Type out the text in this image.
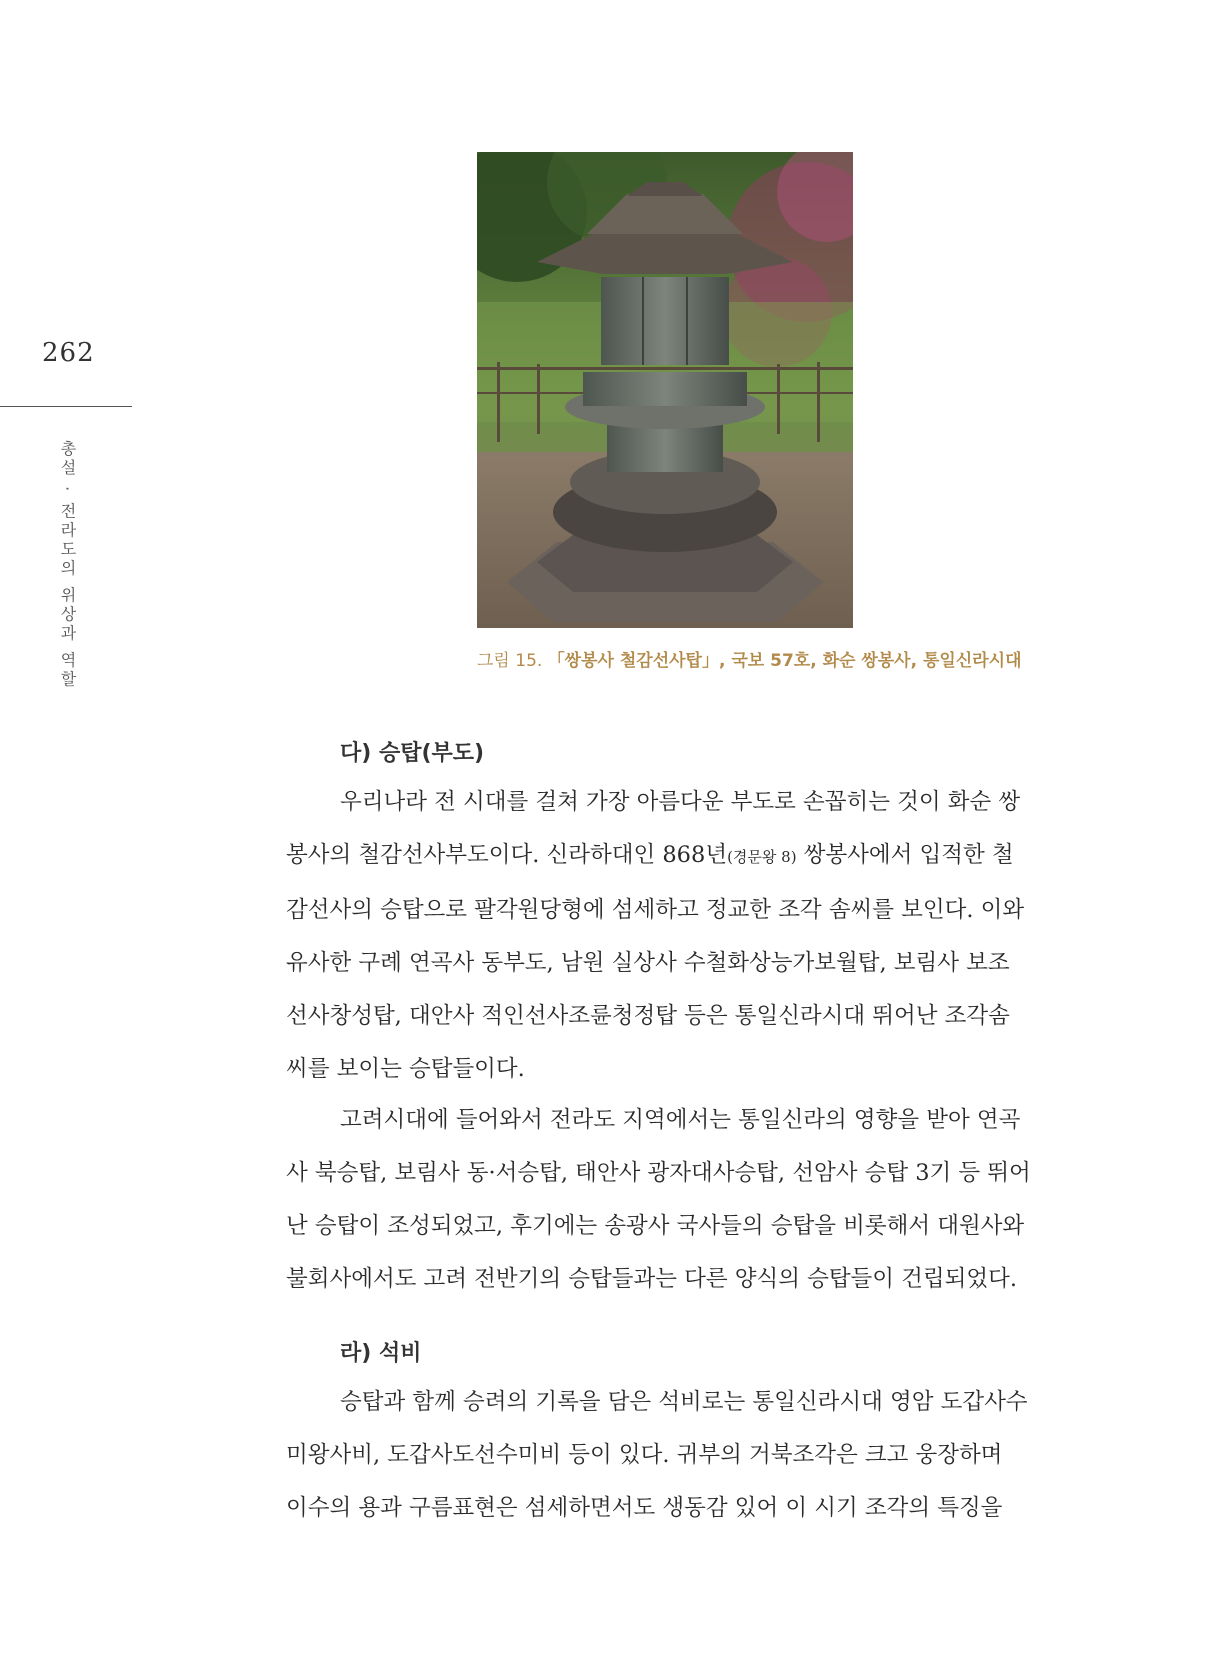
262
총설 · 전라도의 위상과 역할	그림 15. 「쌍봉사 철감선사탑」, 국보 57호, 화순 쌍봉사, 통일신라시대
다) 승탑(부도)
우리나라 전 시대를 걸쳐 가장 아름다운 부도로 손꼽히는 것이 화순 쌍
봉사의 철감선사부도이다. 신라하대인 868년(경문왕 8) 쌍봉사에서 입적한 철
감선사의 승탑으로 팔각원당형에 섬세하고 정교한 조각 솜씨를 보인다. 이와
유사한 구례 연곡사 동부도, 남원 실상사 수철화상능가보월탑, 보림사 보조
선사창성탑, 대안사 적인선사조륜청정탑 등은 통일신라시대 뛰어난 조각솜
씨를 보이는 승탑들이다.
고려시대에 들어와서 전라도 지역에서는 통일신라의 영향을 받아 연곡
사 북승탑, 보림사 동·서승탑, 태안사 광자대사승탑, 선암사 승탑 3기 등 뛰어
난 승탑이 조성되었고, 후기에는 송광사 국사들의 승탑을 비롯해서 대원사와
불회사에서도 고려 전반기의 승탑들과는 다른 양식의 승탑들이 건립되었다.
라) 석비
승탑과 함께 승려의 기록을 담은 석비로는 통일신라시대 영암 도갑사수
미왕사비, 도갑사도선수미비 등이 있다. 귀부의 거북조각은 크고 웅장하며
이수의 용과 구름표현은 섬세하면서도 생동감 있어 이 시기 조각의 특징을
